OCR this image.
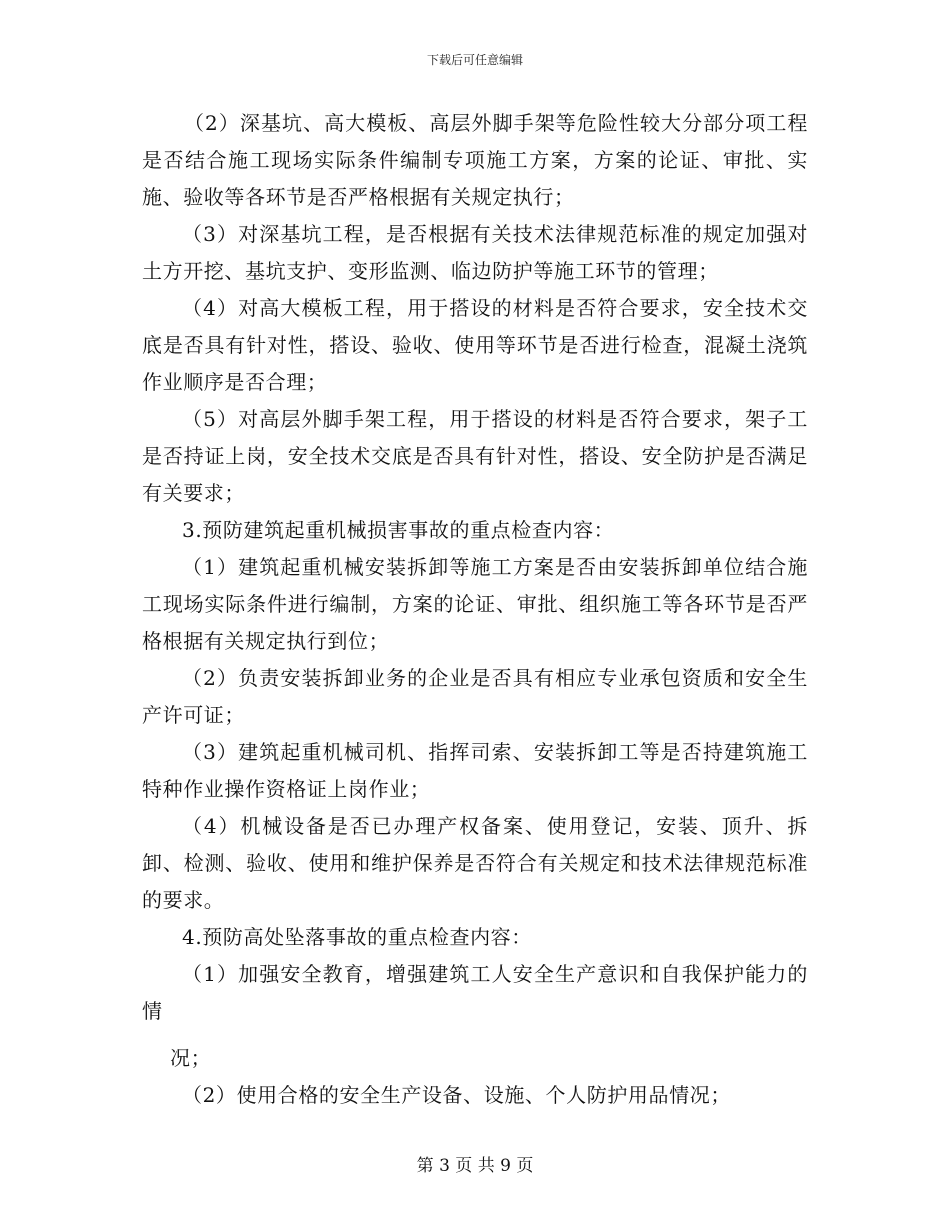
下载后可任意编辑

（2）深基坑、高大模板、高层外脚手架等危险性较大分部分项工程是否结合施工现场实际条件编制专项施工方案，方案的论证、审批、实施、验收等各环节是否严格根据有关规定执行；

（3）对深基坑工程，是否根据有关技术法律规范标准的规定加强对土方开挖、基坑支护、变形监测、临边防护等施工环节的管理；

（4）对高大模板工程，用于搭设的材料是否符合要求，安全技术交底是否具有针对性，搭设、验收、使用等环节是否进行检查，混凝土浇筑作业顺序是否合理；

（5）对高层外脚手架工程，用于搭设的材料是否符合要求，架子工是否持证上岗，安全技术交底是否具有针对性，搭设、安全防护是否满足有关要求；

3.预防建筑起重机械损害事故的重点检查内容：

（1）建筑起重机械安装拆卸等施工方案是否由安装拆卸单位结合施工现场实际条件进行编制，方案的论证、审批、组织施工等各环节是否严格根据有关规定执行到位；

（2）负责安装拆卸业务的企业是否具有相应专业承包资质和安全生产许可证；

（3）建筑起重机械司机、指挥司索、安装拆卸工等是否持建筑施工特种作业操作资格证上岗作业；

（4）机械设备是否已办理产权备案、使用登记，安装、顶升、拆卸、检测、验收、使用和维护保养是否符合有关规定和技术法律规范标准的要求。

4.预防高处坠落事故的重点检查内容：

（1）加强安全教育，增强建筑工人安全生产意识和自我保护能力的情

况；

（2）使用合格的安全生产设备、设施、个人防护用品情况；

第 3 页 共 9 页
